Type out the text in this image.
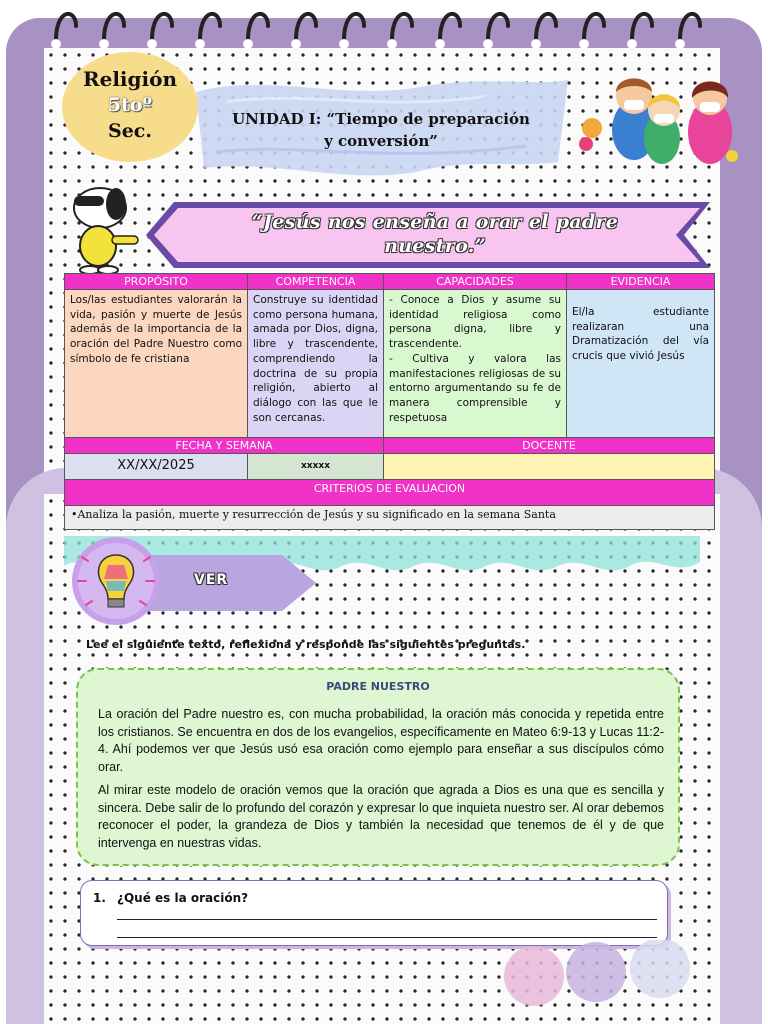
Religión
5toº
Sec.
UNIDAD I: “Tiempo de preparación
y conversión”
“Jesús nos enseña a orar el padre
nuestro.”
PROPÓSITO	COMPETENCIA	CAPACIDADES	EVIDENCIA
Los/las estudiantes valorarán la vida, pasión y muerte de Jesús además de la importancia de la oración del Padre Nuestro como símbolo de fe cristiana	Construye su identidad como persona humana, amada por Dios, digna, libre y trascendente, comprendiendo la doctrina de su propia religión, abierto al diálogo con las que le son cercanas.	- Conoce a Dios y asume su identidad religiosa como persona digna, libre y trascendente.
- Cultiva y valora las manifestaciones religiosas de su entorno argumentando su fe de manera comprensible y respetuosa	El/la estudiante realizaran una Dramatización del vía crucis que vivió Jesús

FECHA Y SEMANA		DOCENTE	
XX/XX/2025	xxxxx		
CRITERIOS DE EVALUACION			
•Analiza la pasión, muerte y resurrección de Jesús y su significado en la semana Santa			
VER
Lee el siguiente texto, reflexiona y responde las siguientes preguntas.
PADRE NUESTRO
La oración del Padre nuestro es, con mucha probabilidad, la oración más conocida y repetida entre los cristianos. Se encuentra en dos de los evangelios, específicamente en Mateo 6:9-13 y Lucas 11:2-4. Ahí podemos ver que Jesús usó esa oración como ejemplo para enseñar a sus discípulos cómo orar.
Al mirar este modelo de oración vemos que la oración que agrada a Dios es una que es sencilla y sincera. Debe salir de lo profundo del corazón y expresar lo que inquieta nuestro ser. Al orar debemos reconocer el poder, la grandeza de Dios y también la necesidad que tenemos de él y de que intervenga en nuestras vidas.
1. ¿Qué es la oración?
